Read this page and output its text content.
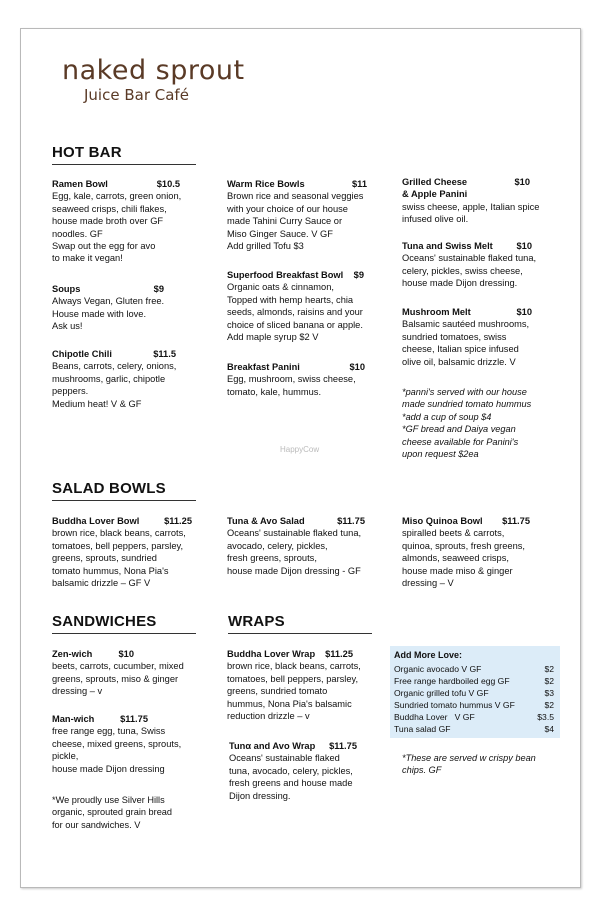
naked sprout
Juice Bar Café
HOT BAR
SALAD BOWLS
SANDWICHES	WRAPS
Ramen Bowl	$10.5
Egg, kale, carrots, green onion,
seaweed crisps, chili flakes,
house made broth over GF
noodles. GF
Swap out the egg for avo
to make it vegan!
Soups	$9
Always Vegan, Gluten free.
House made with love.
Ask us!
Chipotle Chili	$11.5
Beans, carrots, celery, onions,
mushrooms, garlic, chipotle
peppers.
Medium heat! V & GF
Warm Rice Bowls	$11
Brown rice and seasonal veggies
with your choice of our house
made Tahini Curry Sauce or
Miso Ginger Sauce. V GF
Add grilled Tofu $3
Superfood Breakfast Bowl $9
Organic oats & cinnamon,
Topped with hemp hearts, chia
seeds, almonds, raisins and your
choice of sliced banana or apple.
Add maple syrup $2 V
Breakfast Panini	$10
Egg, mushroom, swiss cheese,
tomato, kale, hummus.
Grilled Cheese	$10
& Apple Panini
swiss cheese, apple, Italian spice
infused olive oil.
Tuna and Swiss Melt	$10
Oceans' sustainable flaked tuna,
celery, pickles, swiss cheese,
house made Dijon dressing.
Mushroom Melt	$10
Balsamic sautéed mushrooms,
sundried tomatoes, swiss
cheese, Italian spice infused
olive oil, balsamic drizzle. V
Buddha Lover Bowl	$11.25
brown rice, black beans, carrots,
tomatoes, bell peppers, parsley,
greens, sprouts, sundried
tomato hummus, Nona Pia's
balsamic drizzle – GF V
Tuna & Avo Salad	$11.75
Oceans' sustainable flaked tuna,
avocado, celery, pickles,
fresh greens, sprouts,
house made Dijon dressing - GF
Miso Quinoa Bowl $11.75
spiralled beets & carrots,
quinoa, sprouts, fresh greens,
almonds, seaweed crisps,
house made miso & ginger
dressing – V
Zen-wich	$10
beets, carrots, cucumber, mixed
greens, sprouts, miso & ginger
dressing – v
Man-wich	$11.75
free range egg, tuna, Swiss
cheese, mixed greens, sprouts,
pickle,
house made Dijon dressing
Buddha Lover Wrap $11.25
brown rice, black beans, carrots,
tomatoes, bell peppers, parsley,
greens, sundried tomato
hummus, Nona Pia's balsamic
reduction drizzle – v
Tunα and Avo Wrap $11.75
Oceans' sustainable flaked
tuna, avocado, celery, pickles,
fresh greens and house made
Dijon dressing.
*panni's served with our house
made sundried tomato hummus
*add a cup of soup $4
*GF bread and Daiya vegan
cheese available for Panini's
upon request $2ea
*We proudly use Silver Hills
organic, sprouted grain bread
for our sandwiches. V
*These are served w crispy bean
chips. GF
HappyCow
Add More Love:
Organic avocado V GF	$2
Free range hardboiled egg GF	$2
Organic grilled tofu V GF	$3
Sundried tomato hummus V GF	$2
Buddha Lover   V GF	$3.5
Tuna salad GF	$4
